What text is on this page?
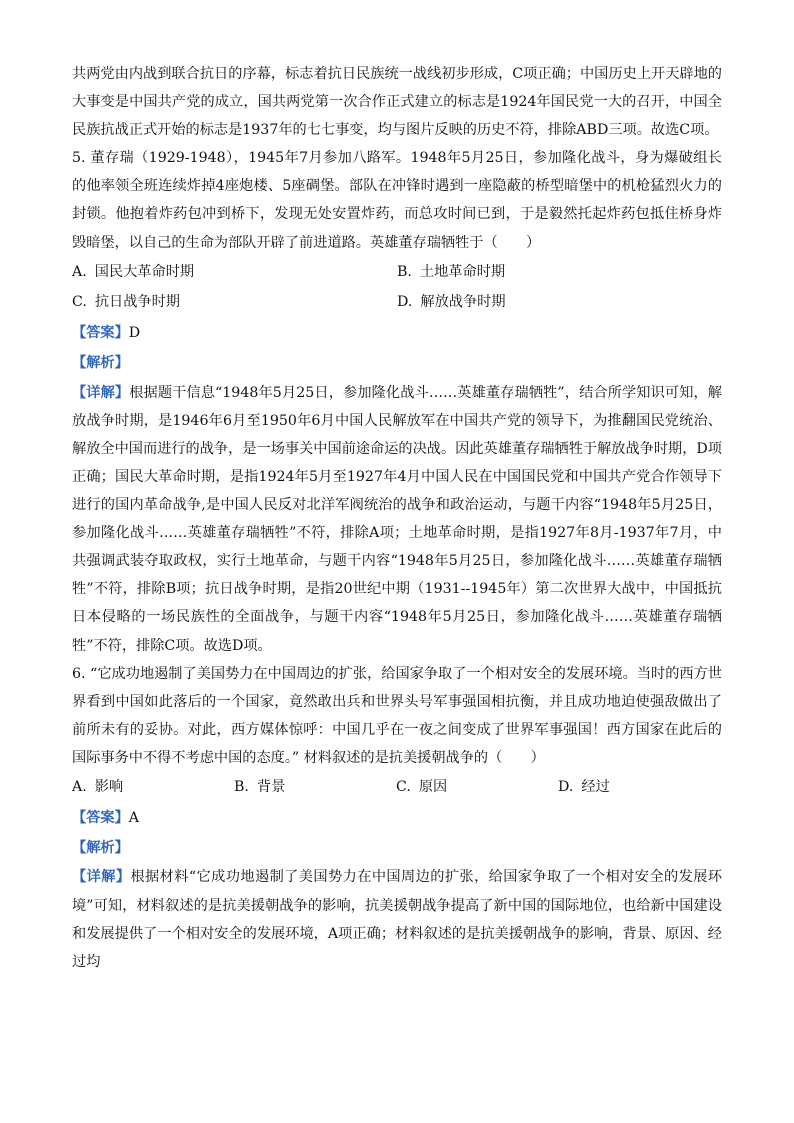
共两党由内战到联合抗日的序幕，标志着抗日民族统一战线初步形成，C项正确；中国历史上开天辟地的大事变是中国共产党的成立，国共两党第一次合作正式建立的标志是1924年国民党一大的召开，中国全民族抗战正式开始的标志是1937年的七七事变，均与图片反映的历史不符，排除ABD三项。故选C项。

5. 董存瑞（1929-1948），1945年7月参加八路军。1948年5月25日，参加隆化战斗，身为爆破组长的他率领全班连续炸掉4座炮楼、5座碉堡。部队在冲锋时遇到一座隐蔽的桥型暗堡中的机枪猛烈火力的封锁。他抱着炸药包冲到桥下，发现无处安置炸药，而总攻时间已到，于是毅然托起炸药包抵住桥身炸毁暗堡，以自己的生命为部队开辟了前进道路。英雄董存瑞牺牲于（　　）

A. 国民大革命时期	B. 土地革命时期
C. 抗日战争时期	D. 解放战争时期
【答案】 D
【解析】

【详解】根据题干信息“1948年5月25日，参加隆化战斗……英雄董存瑞牺牲”，结合所学知识可知，解放战争时期，是1946年6月至1950年6月中国人民解放军在中国共产党的领导下，为推翻国民党统治、解放全中国而进行的战争，是一场事关中国前途命运的决战。因此英雄董存瑞牺牲于解放战争时期，D项正确；国民大革命时期，是指1924年5月至1927年4月中国人民在中国国民党和中国共产党合作领导下进行的国内革命战争,是中国人民反对北洋军阀统治的战争和政治运动，与题干内容“1948年5月25日，参加隆化战斗……英雄董存瑞牺牲”不符，排除A项；土地革命时期，是指1927年8月-1937年7月，中共强调武装夺取政权，实行土地革命，与题干内容“1948年5月25日，参加隆化战斗……英雄董存瑞牺牲”不符，排除B项；抗日战争时期，是指20世纪中期（1931--1945年）第二次世界大战中，中国抵抗日本侵略的一场民族性的全面战争，与题干内容“1948年5月25日，参加隆化战斗……英雄董存瑞牺牲”不符，排除C项。故选D项。

6. “它成功地遏制了美国势力在中国周边的扩张，给国家争取了一个相对安全的发展环境。当时的西方世界看到中国如此落后的一个国家，竟然敢出兵和世界头号军事强国相抗衡，并且成功地迫使强敌做出了前所未有的妥协。对此，西方媒体惊呼：中国几乎在一夜之间变成了世界军事强国！西方国家在此后的国际事务中不得不考虑中国的态度。” 材料叙述的是抗美援朝战争的（　　）

A. 影响	B. 背景	C. 原因	D. 经过
【答案】 A
【解析】

【详解】根据材料“它成功地遏制了美国势力在中国周边的扩张，给国家争取了一个相对安全的发展环境”可知，材料叙述的是抗美援朝战争的影响，抗美援朝战争提高了新中国的国际地位，也给新中国建设和发展提供了一个相对安全的发展环境，A项正确；材料叙述的是抗美援朝战争的影响，背景、原因、经过均
